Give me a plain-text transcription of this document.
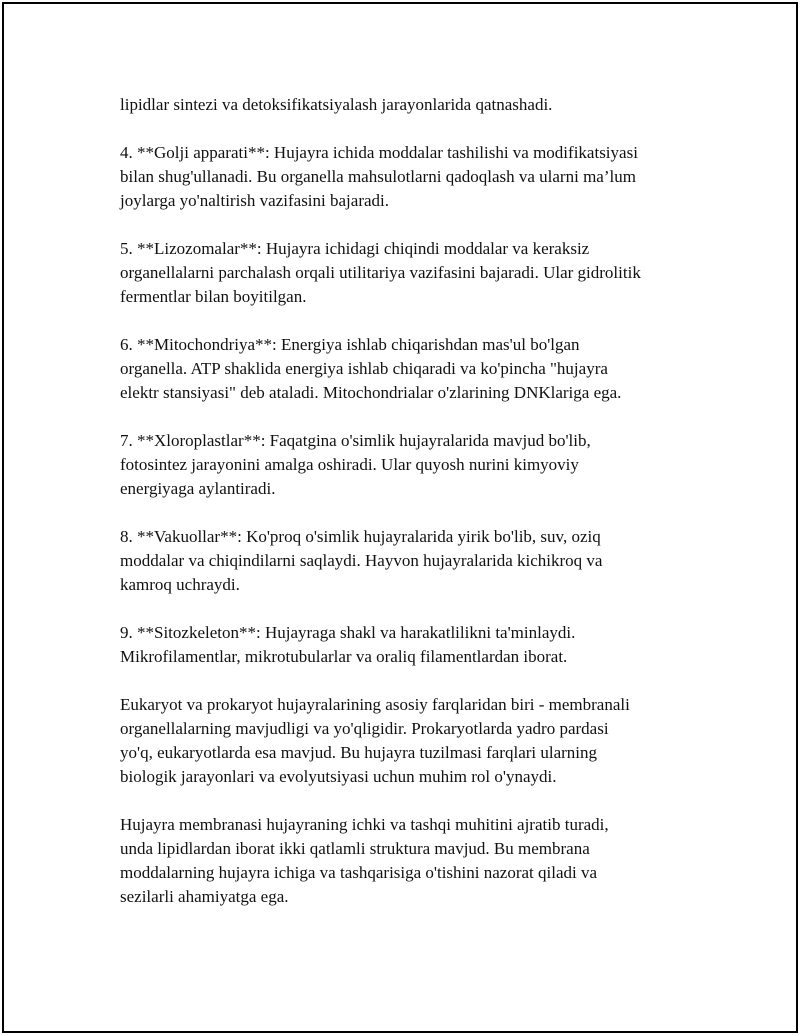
lipidlar sintezi va detoksifikatsiyalash jarayonlarida qatnashadi.

4. **Golji apparati**: Hujayra ichida moddalar tashilishi va modifikatsiyasi
bilan shug'ullanadi. Bu organella mahsulotlarni qadoqlash va ularni ma’lum
joylarga yo'naltirish vazifasini bajaradi.

5. **Lizozomalar**: Hujayra ichidagi chiqindi moddalar va keraksiz
organellalarni parchalash orqali utilitariya vazifasini bajaradi. Ular gidrolitik
fermentlar bilan boyitilgan.

6. **Mitochondriya**: Energiya ishlab chiqarishdan mas'ul bo'lgan
organella. ATP shaklida energiya ishlab chiqaradi va ko'pincha "hujayra
elektr stansiyasi" deb ataladi. Mitochondrialar o'zlarining DNKlariga ega.

7. **Xloroplastlar**: Faqatgina o'simlik hujayralarida mavjud bo'lib,
fotosintez jarayonini amalga oshiradi. Ular quyosh nurini kimyoviy
energiyaga aylantiradi.

8. **Vakuollar**: Ko'proq o'simlik hujayralarida yirik bo'lib, suv, oziq
moddalar va chiqindilarni saqlaydi. Hayvon hujayralarida kichikroq va
kamroq uchraydi.

9. **Sitozkeleton**: Hujayraga shakl va harakatlilikni ta'minlaydi.
Mikrofilamentlar, mikrotubularlar va oraliq filamentlardan iborat.

Eukaryot va prokaryot hujayralarining asosiy farqlaridan biri - membranali
organellalarning mavjudligi va yo'qligidir. Prokaryotlarda yadro pardasi
yo'q, eukaryotlarda esa mavjud. Bu hujayra tuzilmasi farqlari ularning
biologik jarayonlari va evolyutsiyasi uchun muhim rol o'ynaydi.

Hujayra membranasi hujayraning ichki va tashqi muhitini ajratib turadi,
unda lipidlardan iborat ikki qatlamli struktura mavjud. Bu membrana
moddalarning hujayra ichiga va tashqarisiga o'tishini nazorat qiladi va
sezilarli ahamiyatga ega.
